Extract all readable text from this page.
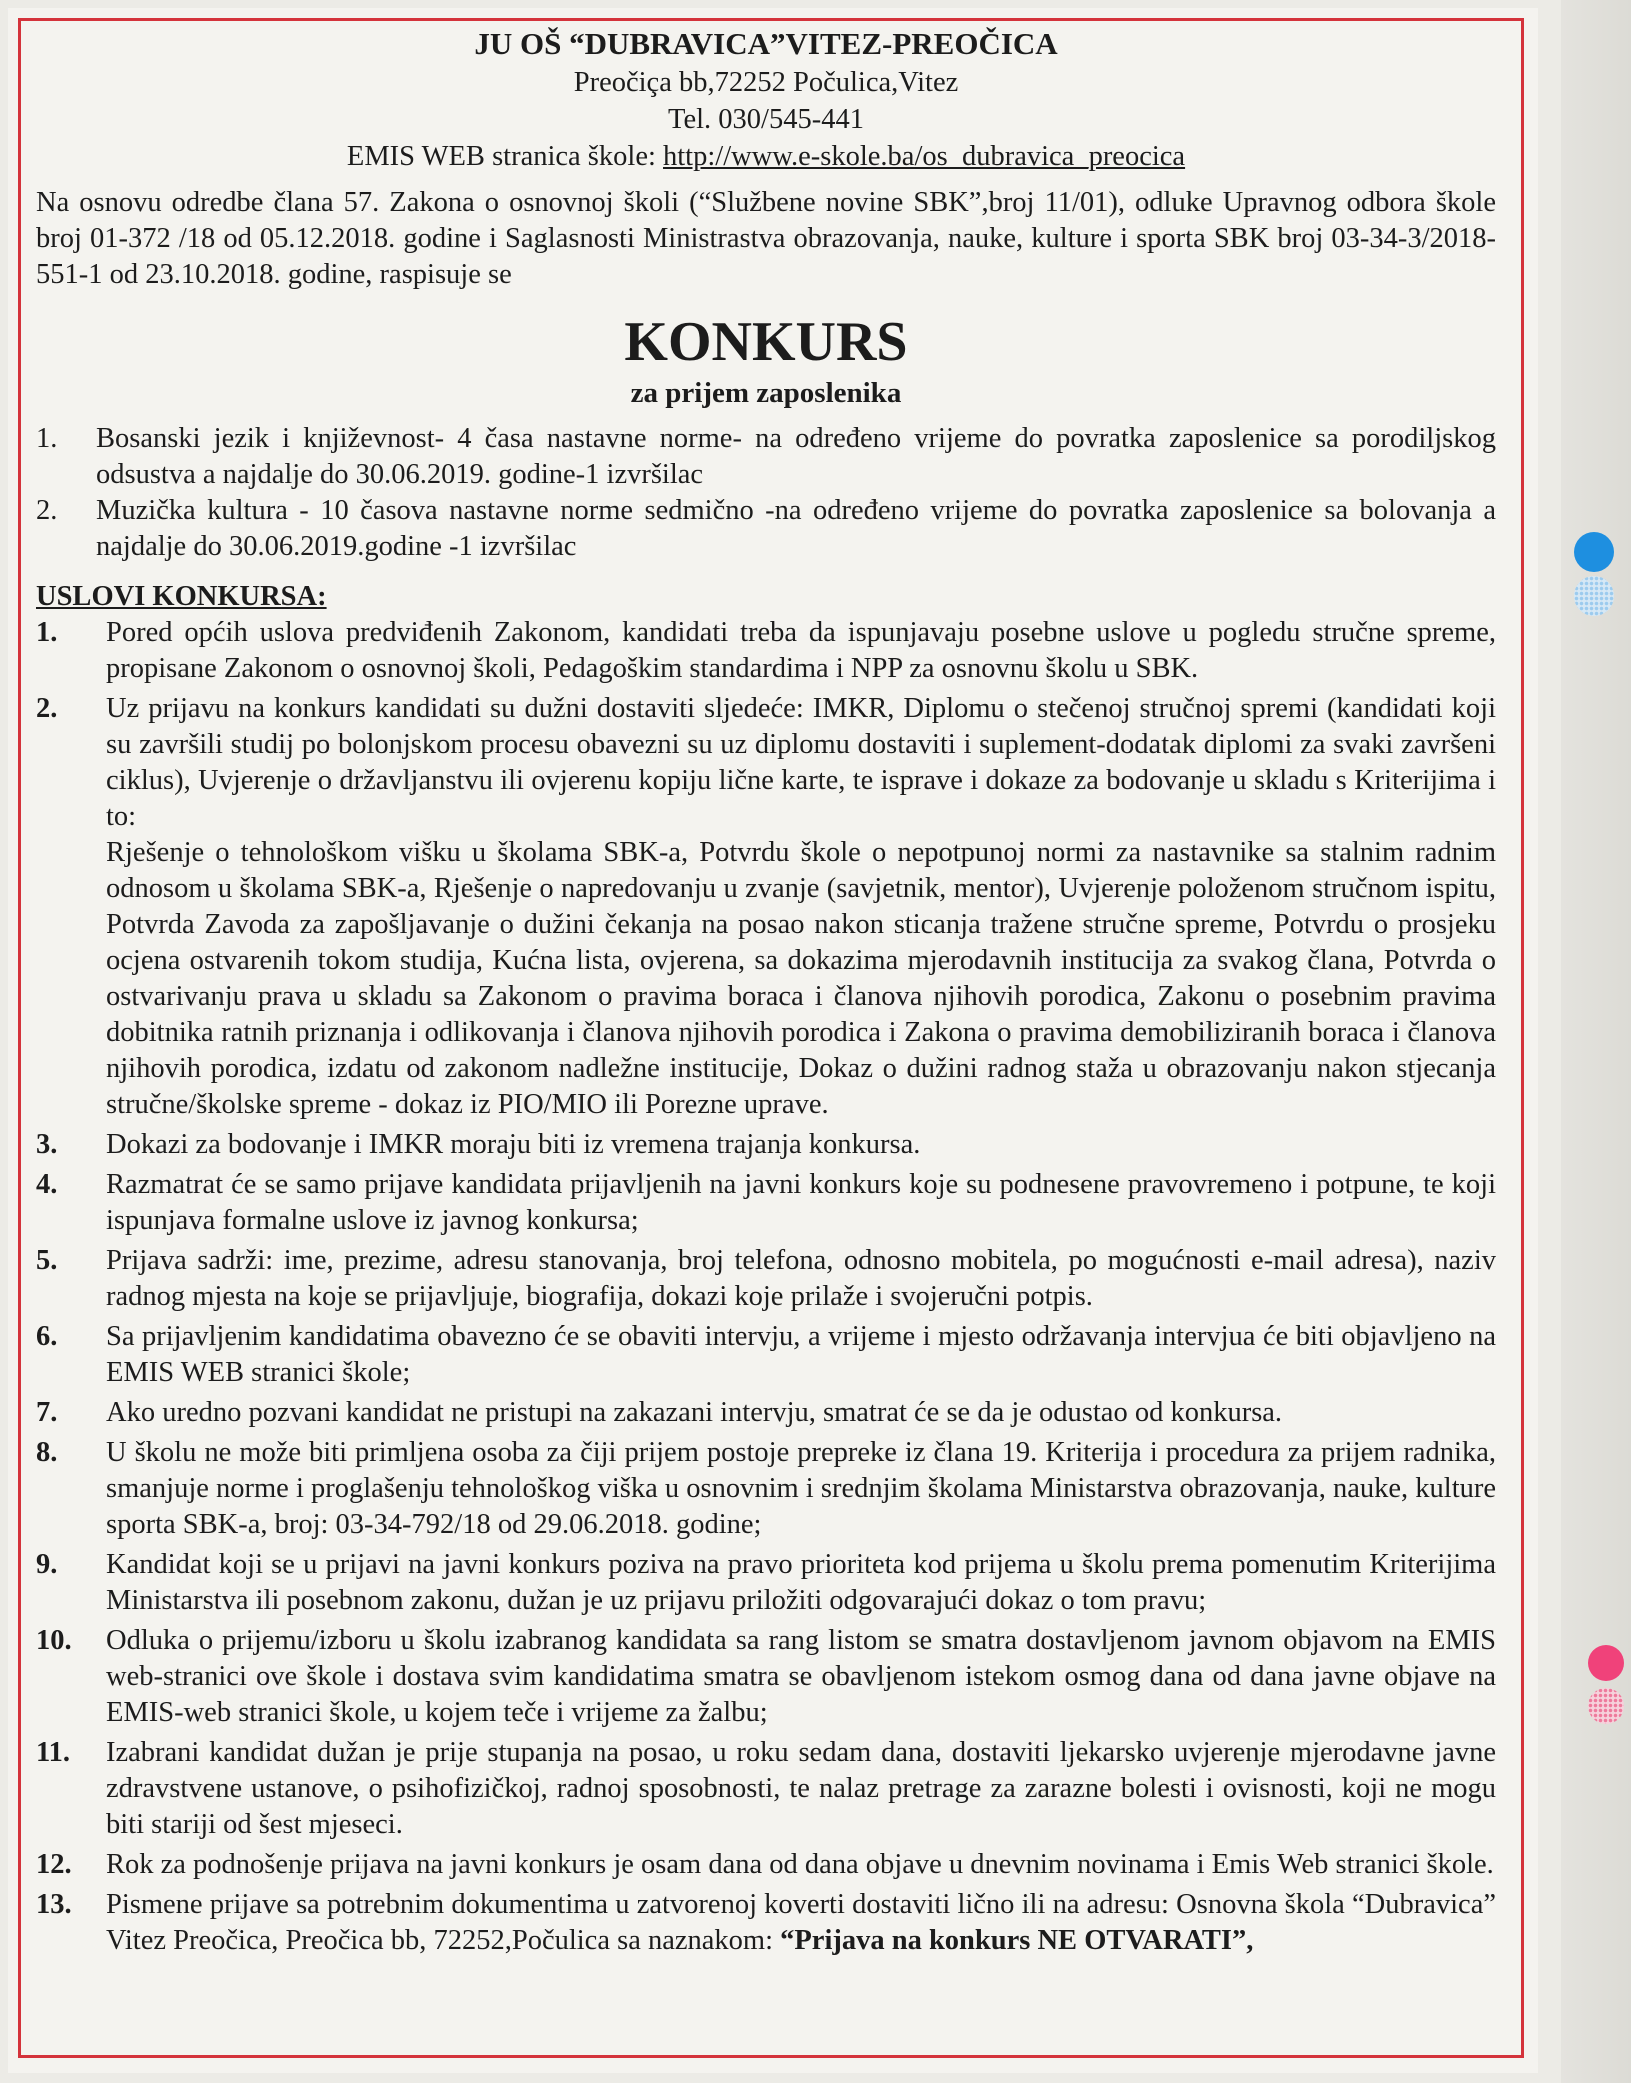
JU OŠ “DUBRAVICA”VITEZ-PREOČICA
Preočiça bb,72252 Počulica,Vitez
Tel. 030/545-441
EMIS WEB stranica škole: http://www.e-skole.ba/os_dubravica_preocica
Na osnovu odredbe člana 57. Zakona o osnovnoj školi (“Službene novine SBK”,broj 11/01), odluke Upravnog odbora škole broj 01-372 /18 od 05.12.2018. godine i Saglasnosti Ministrastva obrazovanja, nauke, kulture i sporta SBK broj 03-34-3/2018-551-1 od 23.10.2018. godine, raspisuje se
KONKURS
za prijem zaposlenika
1.	Bosanski jezik i književnost- 4 časa nastavne norme- na određeno vrijeme do povratka zaposlenice sa porodiljskog odsustva a najdalje do 30.06.2019. godine-1 izvršilac
2.	Muzička kultura - 10 časova nastavne norme sedmično -na određeno vrijeme do povratka zaposlenice sa bolovanja a najdalje do 30.06.2019.godine -1 izvršilac
USLOVI KONKURSA:
1.	Pored općih uslova predviđenih Zakonom, kandidati treba da ispunjavaju posebne uslove u pogledu stručne spreme, propisane Zakonom o osnovnoj školi, Pedagoškim standardima i NPP za osnovnu školu u SBK.
2.	Uz prijavu na konkurs kandidati su dužni dostaviti sljedeće: IMKR, Diplomu o stečenoj stručnoj spremi (kandidati koji su završili studij po bolonjskom procesu obavezni su uz diplomu dostaviti i suplement-dodatak diplomi za svaki završeni ciklus), Uvjerenje o državljanstvu ili ovjerenu kopiju lične karte, te isprave i dokaze za bodovanje u skladu s Kriterijima i to:
Rješenje o tehnološkom višku u školama SBK-a, Potvrdu škole o nepotpunoj normi za nastavnike sa stalnim radnim odnosom u školama SBK-a, Rješenje o napredovanju u zvanje (savjetnik, mentor), Uvjerenje položenom stručnom ispitu, Potvrda Zavoda za zapošljavanje o dužini čekanja na posao nakon sticanja tražene stručne spreme, Potvrdu o prosjeku ocjena ostvarenih tokom studija, Kućna lista, ovjerena, sa dokazima mjerodavnih institucija za svakog člana, Potvrda o ostvarivanju prava u skladu sa Zakonom o pravima boraca i članova njihovih porodica, Zakonu o posebnim pravima dobitnika ratnih priznanja i odlikovanja i članova njihovih porodica i Zakona o pravima demobiliziranih boraca i članova njihovih porodica, izdatu od zakonom nadležne institucije, Dokaz o dužini radnog staža u obrazovanju nakon stjecanja stručne/školske spreme - dokaz iz PIO/MIO ili Porezne uprave.
3.	Dokazi za bodovanje i IMKR moraju biti iz vremena trajanja konkursa.
4.	Razmatrat će se samo prijave kandidata prijavljenih na javni konkurs koje su podnesene pravovremeno i potpune, te koji ispunjava formalne uslove iz javnog konkursa;
5.	Prijava sadrži: ime, prezime, adresu stanovanja, broj telefona, odnosno mobitela, po mogućnosti e-mail adresa), naziv radnog mjesta na koje se prijavljuje, biografija, dokazi koje prilaže i svojeručni potpis.
6.	Sa prijavljenim kandidatima obavezno će se obaviti intervju, a vrijeme i mjesto održavanja intervjua će biti objavljeno na EMIS WEB stranici škole;
7.	Ako uredno pozvani kandidat ne pristupi na zakazani intervju, smatrat će se da je odustao od konkursa.
8.	U školu ne može biti primljena osoba za čiji prijem postoje prepreke iz člana 19. Kriterija i procedura za prijem radnika, smanjuje norme i proglašenju tehnološkog viška u osnovnim i srednjim školama Ministarstva obrazovanja, nauke, kulture sporta SBK-a, broj: 03-34-792/18 od 29.06.2018. godine;
9.	Kandidat koji se u prijavi na javni konkurs poziva na pravo prioriteta kod prijema u školu prema pomenutim Kriterijima Ministarstva ili posebnom zakonu, dužan je uz prijavu priložiti odgovarajući dokaz o tom pravu;
10.	Odluka o prijemu/izboru u školu izabranog kandidata sa rang listom se smatra dostavljenom javnom objavom na EMIS web-stranici ove škole i dostava svim kandidatima smatra se obavljenom istekom osmog dana od dana javne objave na EMIS-web stranici škole, u kojem teče i vrijeme za žalbu;
11.	Izabrani kandidat dužan je prije stupanja na posao, u roku sedam dana, dostaviti ljekarsko uvjerenje mjerodavne javne zdravstvene ustanove, o psihofizičkoj, radnoj sposobnosti, te nalaz pretrage za zarazne bolesti i ovisnosti, koji ne mogu biti stariji od šest mjeseci.
12.	Rok za podnošenje prijava na javni konkurs je osam dana od dana objave u dnevnim novinama i Emis Web stranici škole.
13.	Pismene prijave sa potrebnim dokumentima u zatvorenoj koverti dostaviti lično ili na adresu: Osnovna škola “Dubravica” Vitez Preočica, Preočica bb, 72252,Počulica sa naznakom: “Prijava na konkurs NE OTVARATI”,
